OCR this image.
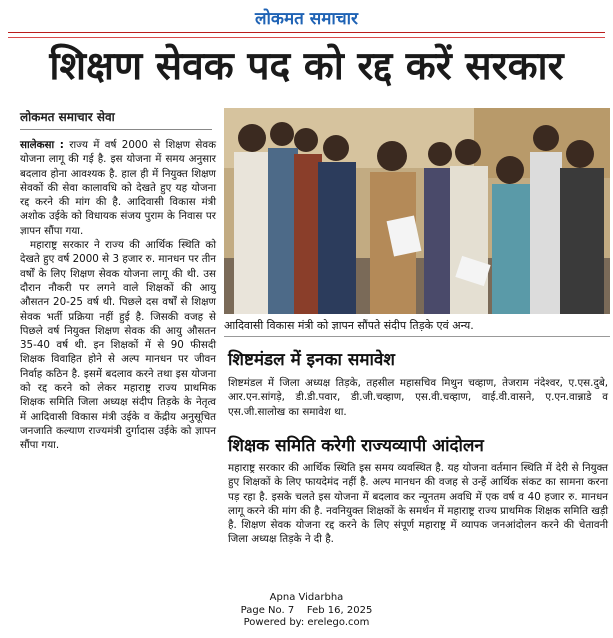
लोकमत समाचार
शिक्षण सेवक पद को रद्द करें सरकार
लोकमत समाचार सेवा

सालेकसा : राज्य में वर्ष 2000 से शिक्षण सेवक योजना लागू की गई है. इस योजना में समय अनुसार बदलाव होना आवश्यक है. हाल ही में नियुक्त शिक्षण सेवकों की सेवा कालावधि को देखते हुए यह योजना रद्द करने की मांग की है. आदिवासी विकास मंत्री अशोक उईके को विधायक संजय पुराम के निवास पर ज्ञापन सौंपा गया.

महाराष्ट्र सरकार ने राज्य की आर्थिक स्थिति को देखते हुए वर्ष 2000 से 3 हजार रु. मानधन पर तीन वर्षों के लिए शिक्षण सेवक योजना लागू की थी. उस दौरान नौकरी पर लगने वाले शिक्षकों की आयु औसतन 20-25 वर्ष थी. पिछले दस वर्षों से शिक्षण सेवक भर्ती प्रक्रिया नहीं हुई है. जिसकी वजह से पिछले वर्ष नियुक्त शिक्षण सेवक की आयु औसतन 35-40 वर्ष थी. इन शिक्षकों में से 90 फीसदी शिक्षक विवाहित होने से अल्प मानधन पर जीवन निर्वाह कठिन है. इसमें बदलाव करने तथा इस योजना को रद्द करने को लेकर महाराष्ट्र राज्य प्राथमिक शिक्षक समिति जिला अध्यक्ष संदीप तिड़के के नेतृत्व में आदिवासी विकास मंत्री उईके व केंद्रीय अनुसूचित जनजाति कल्याण राज्यमंत्री दुर्गादास उईके को ज्ञापन सौंपा गया.

आदिवासी विकास मंत्री को ज्ञापन सौंपते संदीप तिड़के एवं अन्य.
शिष्टमंडल में इनका समावेश
शिष्टमंडल में जिला अध्यक्ष तिड़के, तहसील महासचिव मिथुन चव्हाण, तेजराम नंदेश्वर, ए.एस.दुबे, आर.एन.सांगड़े, डी.डी.पवार, डी.जी.चव्हाण, एस.वी.चव्हाण, वाई.वी.वासने, ए.एन.वान्नाडे व एस.जी.सालोख का समावेश था.
शिक्षक समिति करेगी राज्यव्यापी आंदोलन
महाराष्ट्र सरकार की आर्थिक स्थिति इस समय व्यवस्थित है. यह योजना वर्तमान स्थिति में देरी से नियुक्त हुए शिक्षकों के लिए फायदेमंद नहीं है. अल्प मानधन की वजह से उन्हें आर्थिक संकट का सामना करना पड़ रहा है. इसके चलते इस योजना में बदलाव कर न्यूनतम अवधि में एक वर्ष व 40 हजार रु. मानधन लागू करने की मांग की है. नवनियुक्त शिक्षकों के समर्थन में महाराष्ट्र राज्य प्राथमिक शिक्षक समिति खड़ी है. शिक्षण सेवक योजना रद्द करने के लिए संपूर्ण महाराष्ट्र में व्यापक जनआंदोलन करने की चेतावनी जिला अध्यक्ष तिड़के ने दी है.
Apna Vidarbha
Page No. 7    Feb 16, 2025
Powered by: erelego.com
